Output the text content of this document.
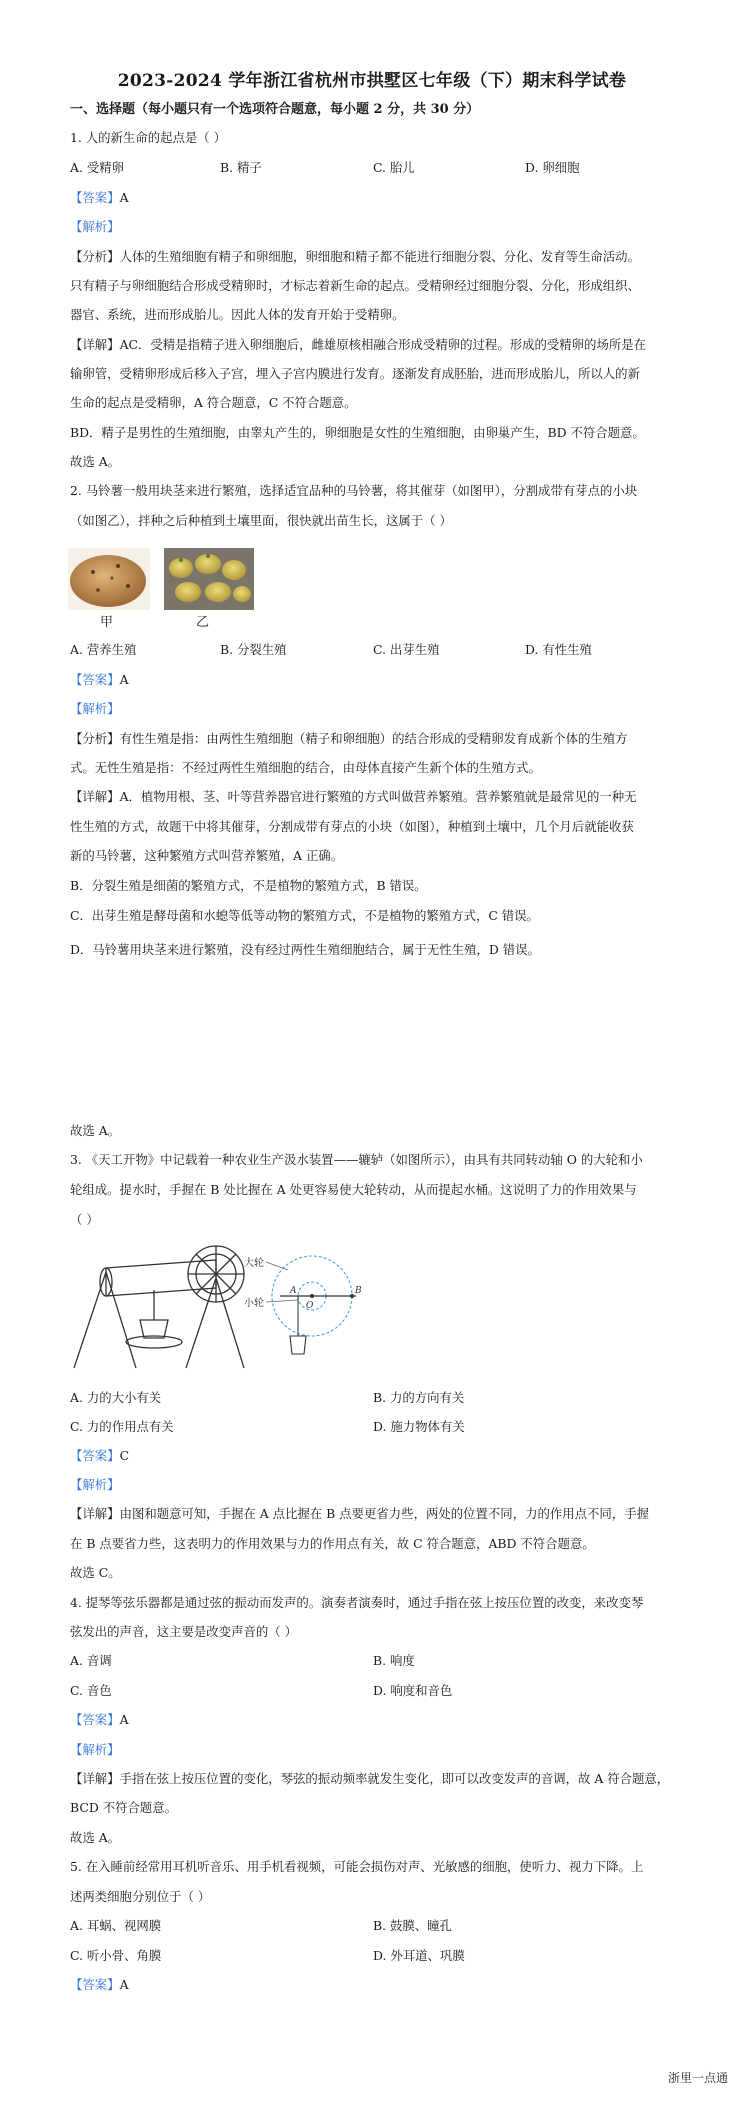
2023-2024 学年浙江省杭州市拱墅区七年级（下）期末科学试卷
一、选择题（每小题只有一个选项符合题意，每小题 2 分，共 30 分）
1. 人的新生命的起点是（ ）
A. 受精卵	B. 精子	C. 胎儿	D. 卵细胞
【答案】A
【解析】
【分析】人体的生殖细胞有精子和卵细胞，卵细胞和精子都不能进行细胞分裂、分化、发育等生命活动。
只有精子与卵细胞结合形成受精卵时，才标志着新生命的起点。受精卵经过细胞分裂、分化，形成组织、
器官、系统，进而形成胎儿。因此人体的发育开始于受精卵。
【详解】AC．受精是指精子进入卵细胞后，雌雄原核相融合形成受精卵的过程。形成的受精卵的场所是在
输卵管，受精卵形成后移入子宫，埋入子宫内膜进行发育。逐渐发育成胚胎，进而形成胎儿，所以人的新
生命的起点是受精卵，A 符合题意，C 不符合题意。
BD．精子是男性的生殖细胞，由睾丸产生的，卵细胞是女性的生殖细胞，由卵巢产生，BD 不符合题意。
故选 A。
2. 马铃薯一般用块茎来进行繁殖，选择适宜品种的马铃薯，将其催芽（如图甲），分割成带有芽点的小块
（如图乙），拌种之后种植到土壤里面，很快就出苗生长，这属于（ ）
甲	乙
A. 营养生殖	B. 分裂生殖	C. 出芽生殖	D. 有性生殖
【答案】A
【解析】
【分析】有性生殖是指：由两性生殖细胞（精子和卵细胞）的结合形成的受精卵发育成新个体的生殖方
式。无性生殖是指：不经过两性生殖细胞的结合，由母体直接产生新个体的生殖方式。
【详解】A．植物用根、茎、叶等营养器官进行繁殖的方式叫做营养繁殖。营养繁殖就是最常见的一种无
性生殖的方式，故题干中将其催芽，分割成带有芽点的小块（如图），种植到土壤中，几个月后就能收获
新的马铃薯，这种繁殖方式叫营养繁殖，A 正确。
B．分裂生殖是细菌的繁殖方式，不是植物的繁殖方式，B 错误。
C．出芽生殖是酵母菌和水螅等低等动物的繁殖方式，不是植物的繁殖方式，C 错误。
D．马铃薯用块茎来进行繁殖，没有经过两性生殖细胞结合，属于无性生殖，D 错误。
故选 A。
3. 《天工开物》中记载着一种农业生产汲水装置——辘轳（如图所示），由具有共同转动轴 O 的大轮和小
轮组成。提水时，手握在 B 处比握在 A 处更容易使大轮转动，从而提起水桶。这说明了力的作用效果与
（ ）
大轮
小轮
A
O
B
A. 力的大小有关	B. 力的方向有关
C. 力的作用点有关	D. 施力物体有关
【答案】C
【解析】
【详解】由图和题意可知，手握在 A 点比握在 B 点要更省力些，两处的位置不同，力的作用点不同，手握
在 B 点要省力些，这表明力的作用效果与力的作用点有关，故 C 符合题意，ABD 不符合题意。
故选 C。
4. 提琴等弦乐器都是通过弦的振动而发声的。演奏者演奏时，通过手指在弦上按压位置的改变，来改变琴
弦发出的声音，这主要是改变声音的（ ）
A. 音调	B. 响度
C. 音色	D. 响度和音色
【答案】A
【解析】
【详解】手指在弦上按压位置的变化，琴弦的振动频率就发生变化，即可以改变发声的音调，故 A 符合题意，
BCD 不符合题意。
故选 A。
5. 在入睡前经常用耳机听音乐、用手机看视频，可能会损伤对声、光敏感的细胞，使听力、视力下降。上
述两类细胞分别位于（ ）
A. 耳蜗、视网膜	B. 鼓膜、瞳孔
C. 听小骨、角膜	D. 外耳道、巩膜
【答案】A
浙里一点通
